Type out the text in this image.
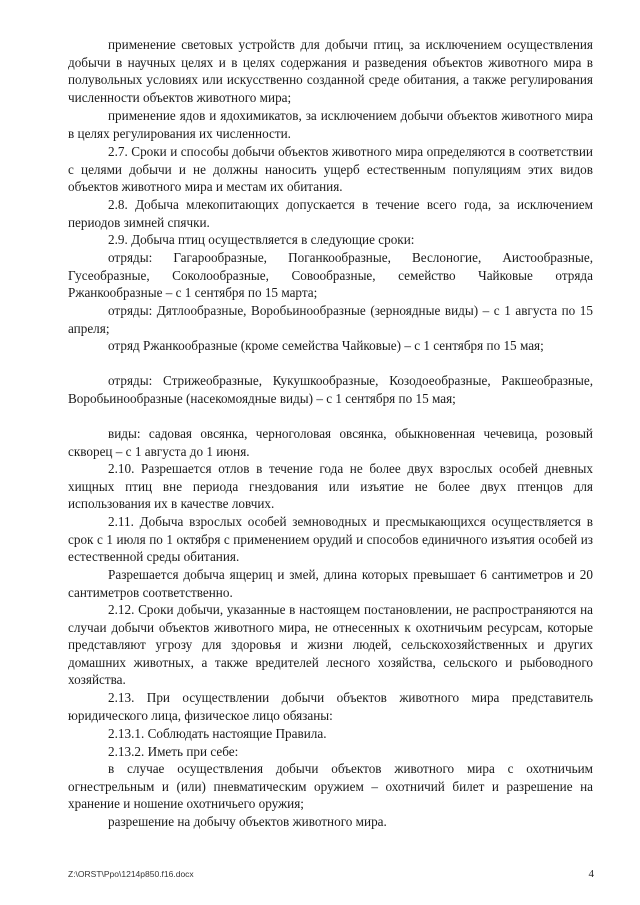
применение световых устройств для добычи птиц, за исключением осуществления добычи в научных целях и в целях содержания и разведения объектов животного мира в полувольных условиях или искусственно созданной среде обитания, а также регулирования численности объектов животного мира;

применение ядов и ядохимикатов, за исключением добычи объектов животного мира в целях регулирования их численности.

2.7. Сроки и способы добычи объектов животного мира определяются в соответствии с целями добычи и не должны наносить ущерб естественным популяциям этих видов объектов животного мира и местам их обитания.

2.8. Добыча млекопитающих допускается в течение всего года, за исключением периодов зимней спячки.

2.9. Добыча птиц осуществляется в следующие сроки:

отряды: Гагарообразные, Поганкообразные, Веслоногие, Аистообразные, Гусеобразные, Соколообразные, Совообразные, семейство Чайковые отряда Ржанкообразные – с 1 сентября по 15 марта;

отряды: Дятлообразные, Воробьинообразные (зерноядные виды) – с 1 августа по 15 апреля;

отряд Ржанкообразные (кроме семейства Чайковые) – с 1 сентября по 15 мая;

отряды: Стрижеобразные, Кукушкообразные, Козодоеобразные, Ракшеобразные, Воробьинообразные (насекомоядные виды) – с 1 сентября по 15 мая;

виды: садовая овсянка, черноголовая овсянка, обыкновенная чечевица, розовый скворец – с 1 августа до 1 июня.

2.10. Разрешается отлов в течение года не более двух взрослых особей дневных хищных птиц вне периода гнездования или изъятие не более двух птенцов для использования их в качестве ловчих.

2.11. Добыча взрослых особей земноводных и пресмыкающихся осуществляется в срок с 1 июля по 1 октября с применением орудий и способов единичного изъятия особей из естественной среды обитания.

Разрешается добыча ящериц и змей, длина которых превышает 6 сантиметров и 20 сантиметров соответственно.

2.12. Сроки добычи, указанные в настоящем постановлении, не распространяются на случаи добычи объектов животного мира, не отнесенных к охотничьим ресурсам, которые представляют угрозу для здоровья и жизни людей, сельскохозяйственных и других домашних животных, а также вредителей лесного хозяйства, сельского и рыбоводного хозяйства.

2.13. При осуществлении добычи объектов животного мира представитель юридического лица, физическое лицо обязаны:

2.13.1. Соблюдать настоящие Правила.

2.13.2. Иметь при себе:

в случае осуществления добычи объектов животного мира с охотничьим огнестрельным и (или) пневматическим оружием – охотничий билет и разрешение на хранение и ношение охотничьего оружия;

разрешение на добычу объектов животного мира.

Z:\ORST\Ppo\1214p850.f16.docx	4
